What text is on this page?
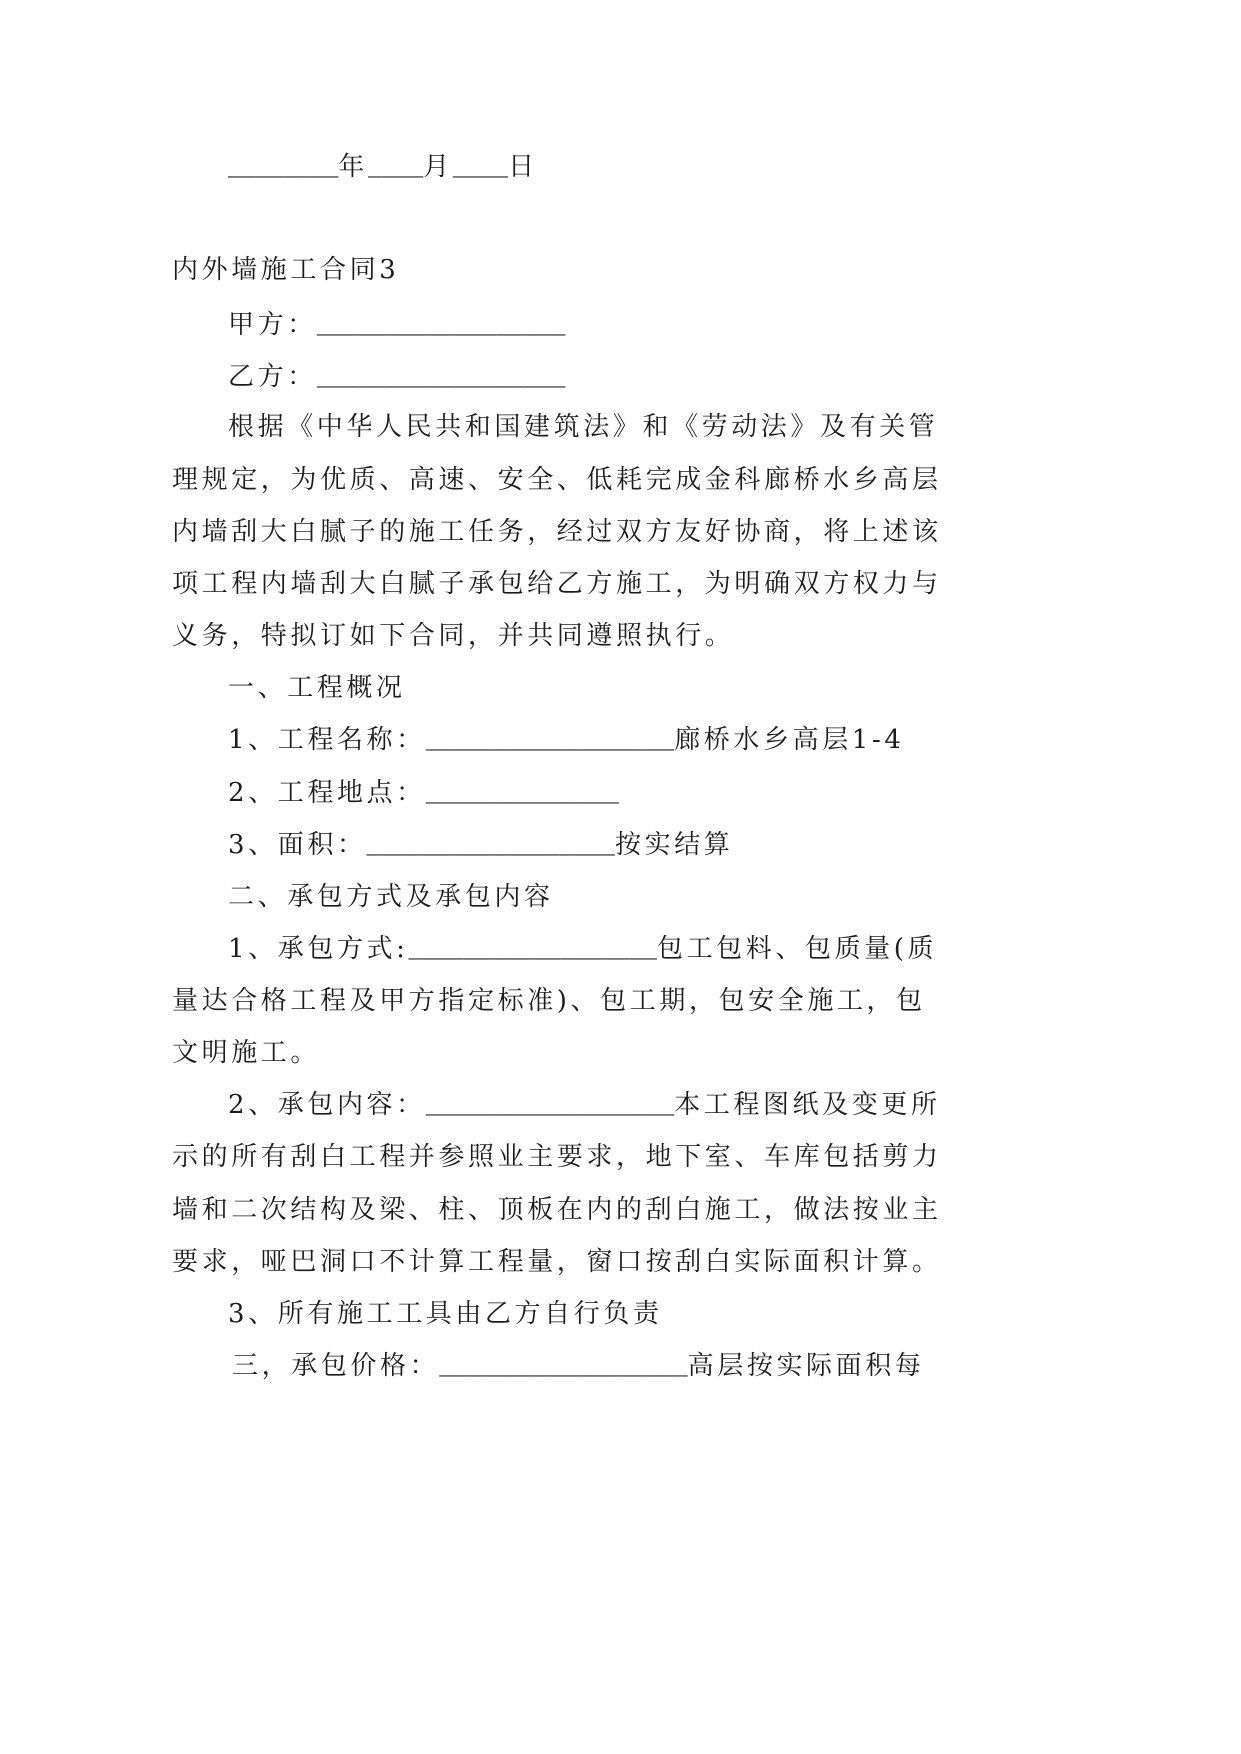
________年____月____日
内外墙施工合同3
甲方：__________________
乙方：__________________
根据《中华人民共和国建筑法》和《劳动法》及有关管
理规定，为优质、高速、安全、低耗完成金科廊桥水乡高层
内墙刮大白腻子的施工任务，经过双方友好协商，将上述该
项工程内墙刮大白腻子承包给乙方施工，为明确双方权力与
义务，特拟订如下合同，并共同遵照执行。
一、工程概况
1、工程名称：__________________廊桥水乡高层1-4
2、工程地点：______________
3、面积：__________________按实结算
二、承包方式及承包内容
1、承包方式:__________________包工包料、包质量(质
量达合格工程及甲方指定标准)、包工期，包安全施工，包
文明施工。
2、承包内容：__________________本工程图纸及变更所
示的所有刮白工程并参照业主要求，地下室、车库包括剪力
墙和二次结构及梁、柱、顶板在内的刮白施工，做法按业主
要求，哑巴洞口不计算工程量，窗口按刮白实际面积计算。
3、所有施工工具由乙方自行负责
三，承包价格：__________________高层按实际面积每
